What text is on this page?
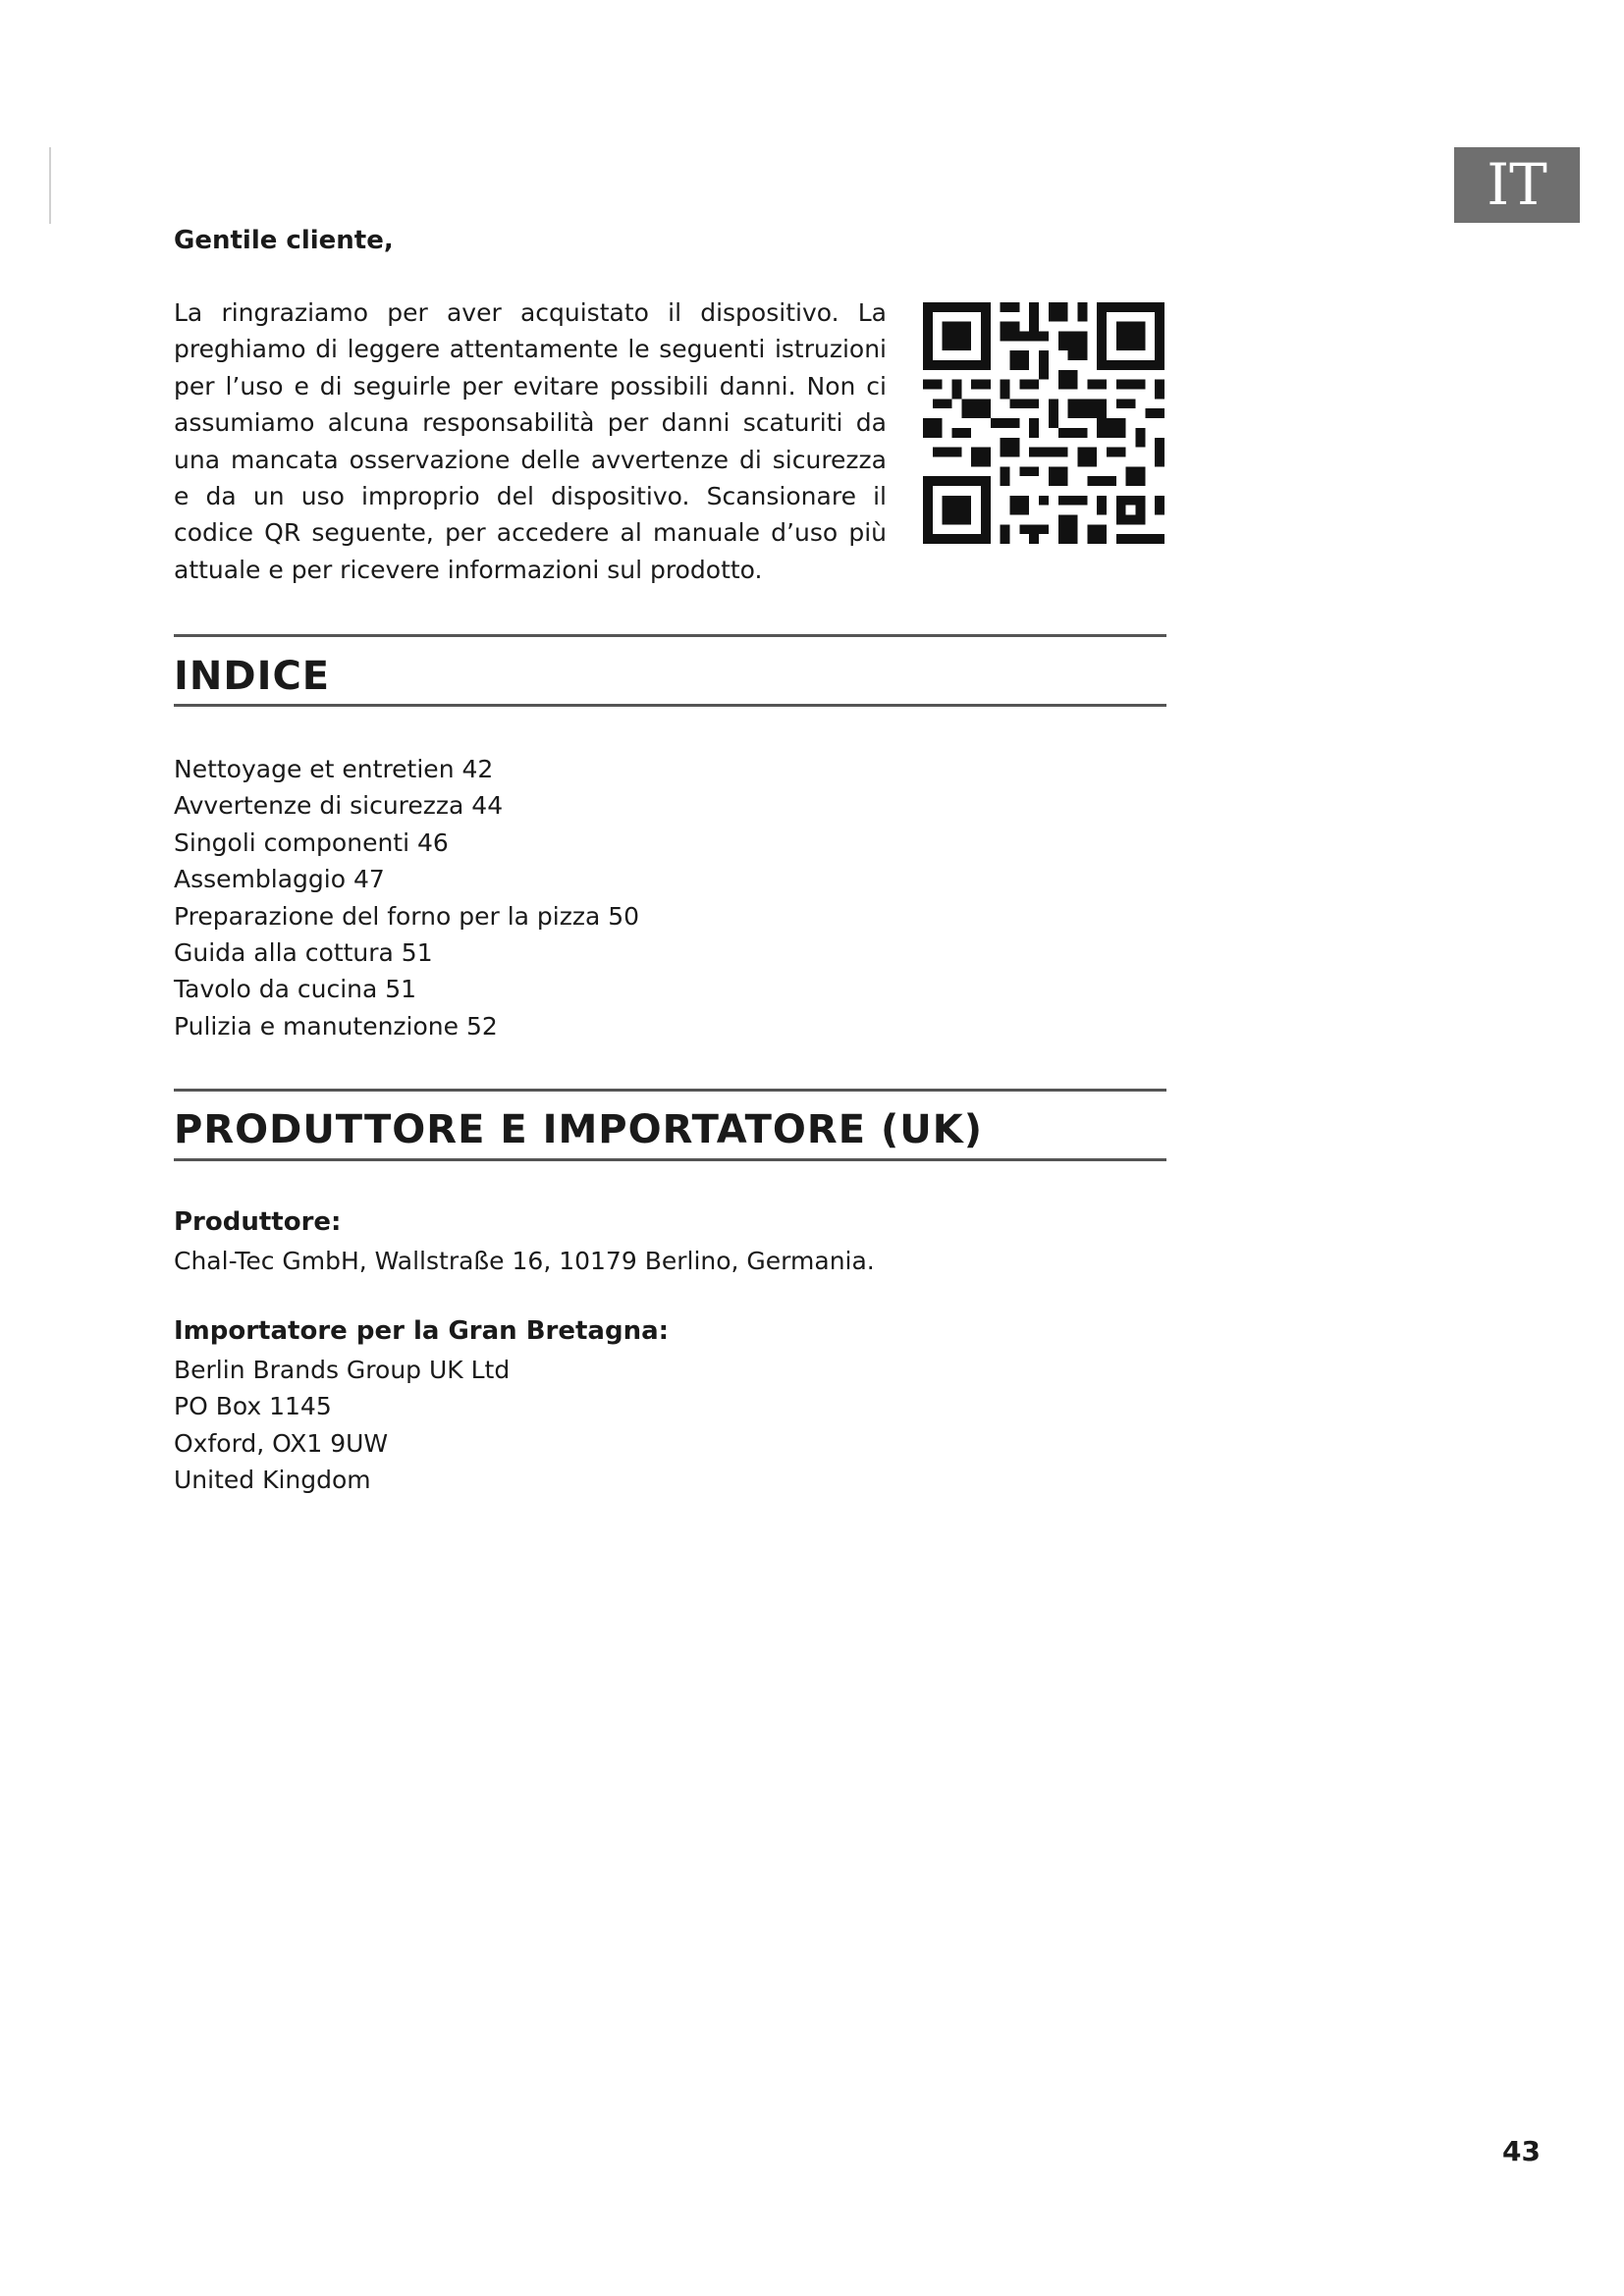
IT

Gentile cliente,

La ringraziamo per aver acquistato il dispositivo. La preghiamo di leggere attentamente le seguenti istruzioni per l’uso e di seguirle per evitare possibili danni. Non ci assumiamo alcuna responsabilità per danni scaturiti da una mancata osservazione delle avvertenze di sicurezza e da un uso improprio del dispositivo. Scansionare il codice QR seguente, per accedere al manuale d’uso più attuale e per ricevere informazioni sul prodotto.

INDICE
Nettoyage et entretien 42
Avvertenze di sicurezza 44
Singoli componenti 46
Assemblaggio 47
Preparazione del forno per la pizza 50
Guida alla cottura 51
Tavolo da cucina 51
Pulizia e manutenzione 52
PRODUTTORE E IMPORTATORE (UK)

Produttore:

Chal-Tec GmbH, Wallstraße 16, 10179 Berlino, Germania.

Importatore per la Gran Bretagna:

Berlin Brands Group UK Ltd
PO Box 1145
Oxford, OX1 9UW
United Kingdom
43
